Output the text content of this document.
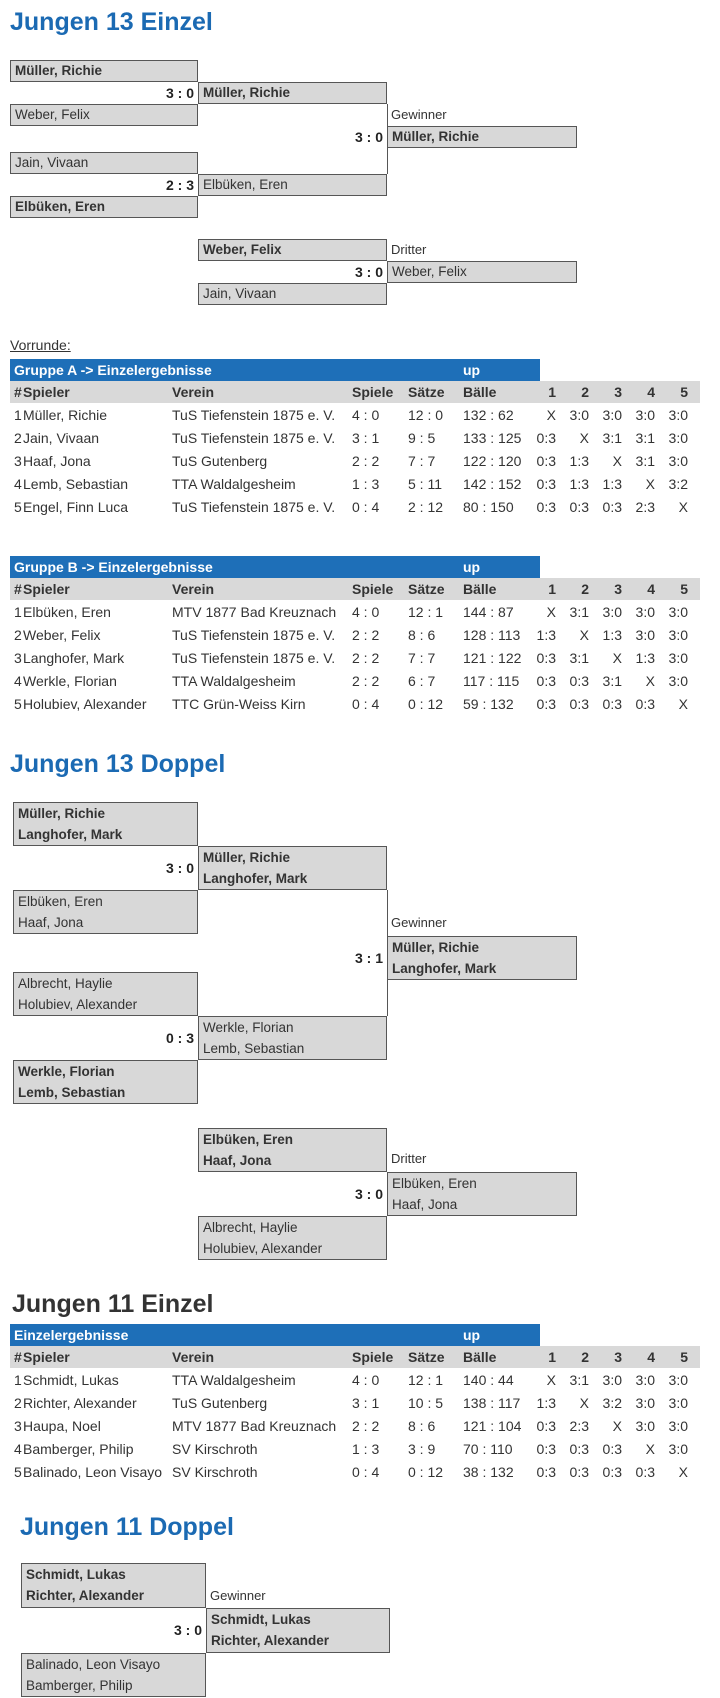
Jungen 13 Einzel
Müller, Richie
3 : 0 Müller, Richie
Weber, Felix
Jain, Vivaan
2 : 3 Elbüken, Eren
Elbüken, Eren
Gewinner
3 : 0 Müller, Richie
Weber, Felix	Dritter
3 : 0 Weber, Felix
Jain, Vivaan
Vorrunde:
Gruppe A -> Einzelergebnisse	up
#	Spieler	Verein	Spiele	Sätze	Bälle	1	2	3	4	5
1	Müller, Richie	TuS Tiefenstein 1875 e. V.	4 : 0	12 : 0	132 : 62	X	3:0	3:0	3:0	3:0
2	Jain, Vivaan	TuS Tiefenstein 1875 e. V.	3 : 1	9 : 5	133 : 125	0:3	X	3:1	3:1	3:0
3	Haaf, Jona	TuS Gutenberg	2 : 2	7 : 7	122 : 120	0:3	1:3	X	3:1	3:0
4	Lemb, Sebastian	TTA Waldalgesheim	1 : 3	5 : 11	142 : 152	0:3	1:3	1:3	X	3:2
5	Engel, Finn Luca	TuS Tiefenstein 1875 e. V.	0 : 4	2 : 12	80 : 150	0:3	0:3	0:3	2:3	X
Gruppe B -> Einzelergebnisse	up
#	Spieler	Verein	Spiele	Sätze	Bälle	1	2	3	4	5
1	Elbüken, Eren	MTV 1877 Bad Kreuznach	4 : 0	12 : 1	144 : 87	X	3:1	3:0	3:0	3:0
2	Weber, Felix	TuS Tiefenstein 1875 e. V.	2 : 2	8 : 6	128 : 113	1:3	X	1:3	3:0	3:0
3	Langhofer, Mark	TuS Tiefenstein 1875 e. V.	2 : 2	7 : 7	121 : 122	0:3	3:1	X	1:3	3:0
4	Werkle, Florian	TTA Waldalgesheim	2 : 2	6 : 7	117 : 115	0:3	0:3	3:1	X	3:0
5	Holubiev, Alexander	TTC Grün-Weiss Kirn	0 : 4	0 : 12	59 : 132	0:3	0:3	0:3	0:3	X
Jungen 13 Doppel
Müller, Richie
Langhofer, Mark
3 : 0
Müller, Richie
Langhofer, Mark
Elbüken, Eren
Haaf, Jona	Gewinner
3 : 1
Müller, Richie
Langhofer, Mark
Albrecht, Haylie
Holubiev, Alexander
0 : 3
Werkle, Florian
Lemb, Sebastian
Werkle, Florian
Lemb, Sebastian
Elbüken, Eren
Haaf, Jona	Dritter
3 : 0
Elbüken, Eren
Haaf, Jona
Albrecht, Haylie
Holubiev, Alexander
Jungen 11 Einzel
Einzelergebnisse	up
#	Spieler	Verein	Spiele	Sätze	Bälle	1	2	3	4	5
1	Schmidt, Lukas	TTA Waldalgesheim	4 : 0	12 : 1	140 : 44	X	3:1	3:0	3:0	3:0
2	Richter, Alexander	TuS Gutenberg	3 : 1	10 : 5	138 : 117	1:3	X	3:2	3:0	3:0
3	Haupa, Noel	MTV 1877 Bad Kreuznach	2 : 2	8 : 6	121 : 104	0:3	2:3	X	3:0	3:0
4	Bamberger, Philip	SV Kirschroth	1 : 3	3 : 9	70 : 110	0:3	0:3	0:3	X	3:0
5	Balinado, Leon Visayo	SV Kirschroth	0 : 4	0 : 12	38 : 132	0:3	0:3	0:3	0:3	X
Jungen 11 Doppel
Schmidt, Lukas
Richter, Alexander	Gewinner
3 : 0
Schmidt, Lukas
Richter, Alexander
Balinado, Leon Visayo
Bamberger, Philip
